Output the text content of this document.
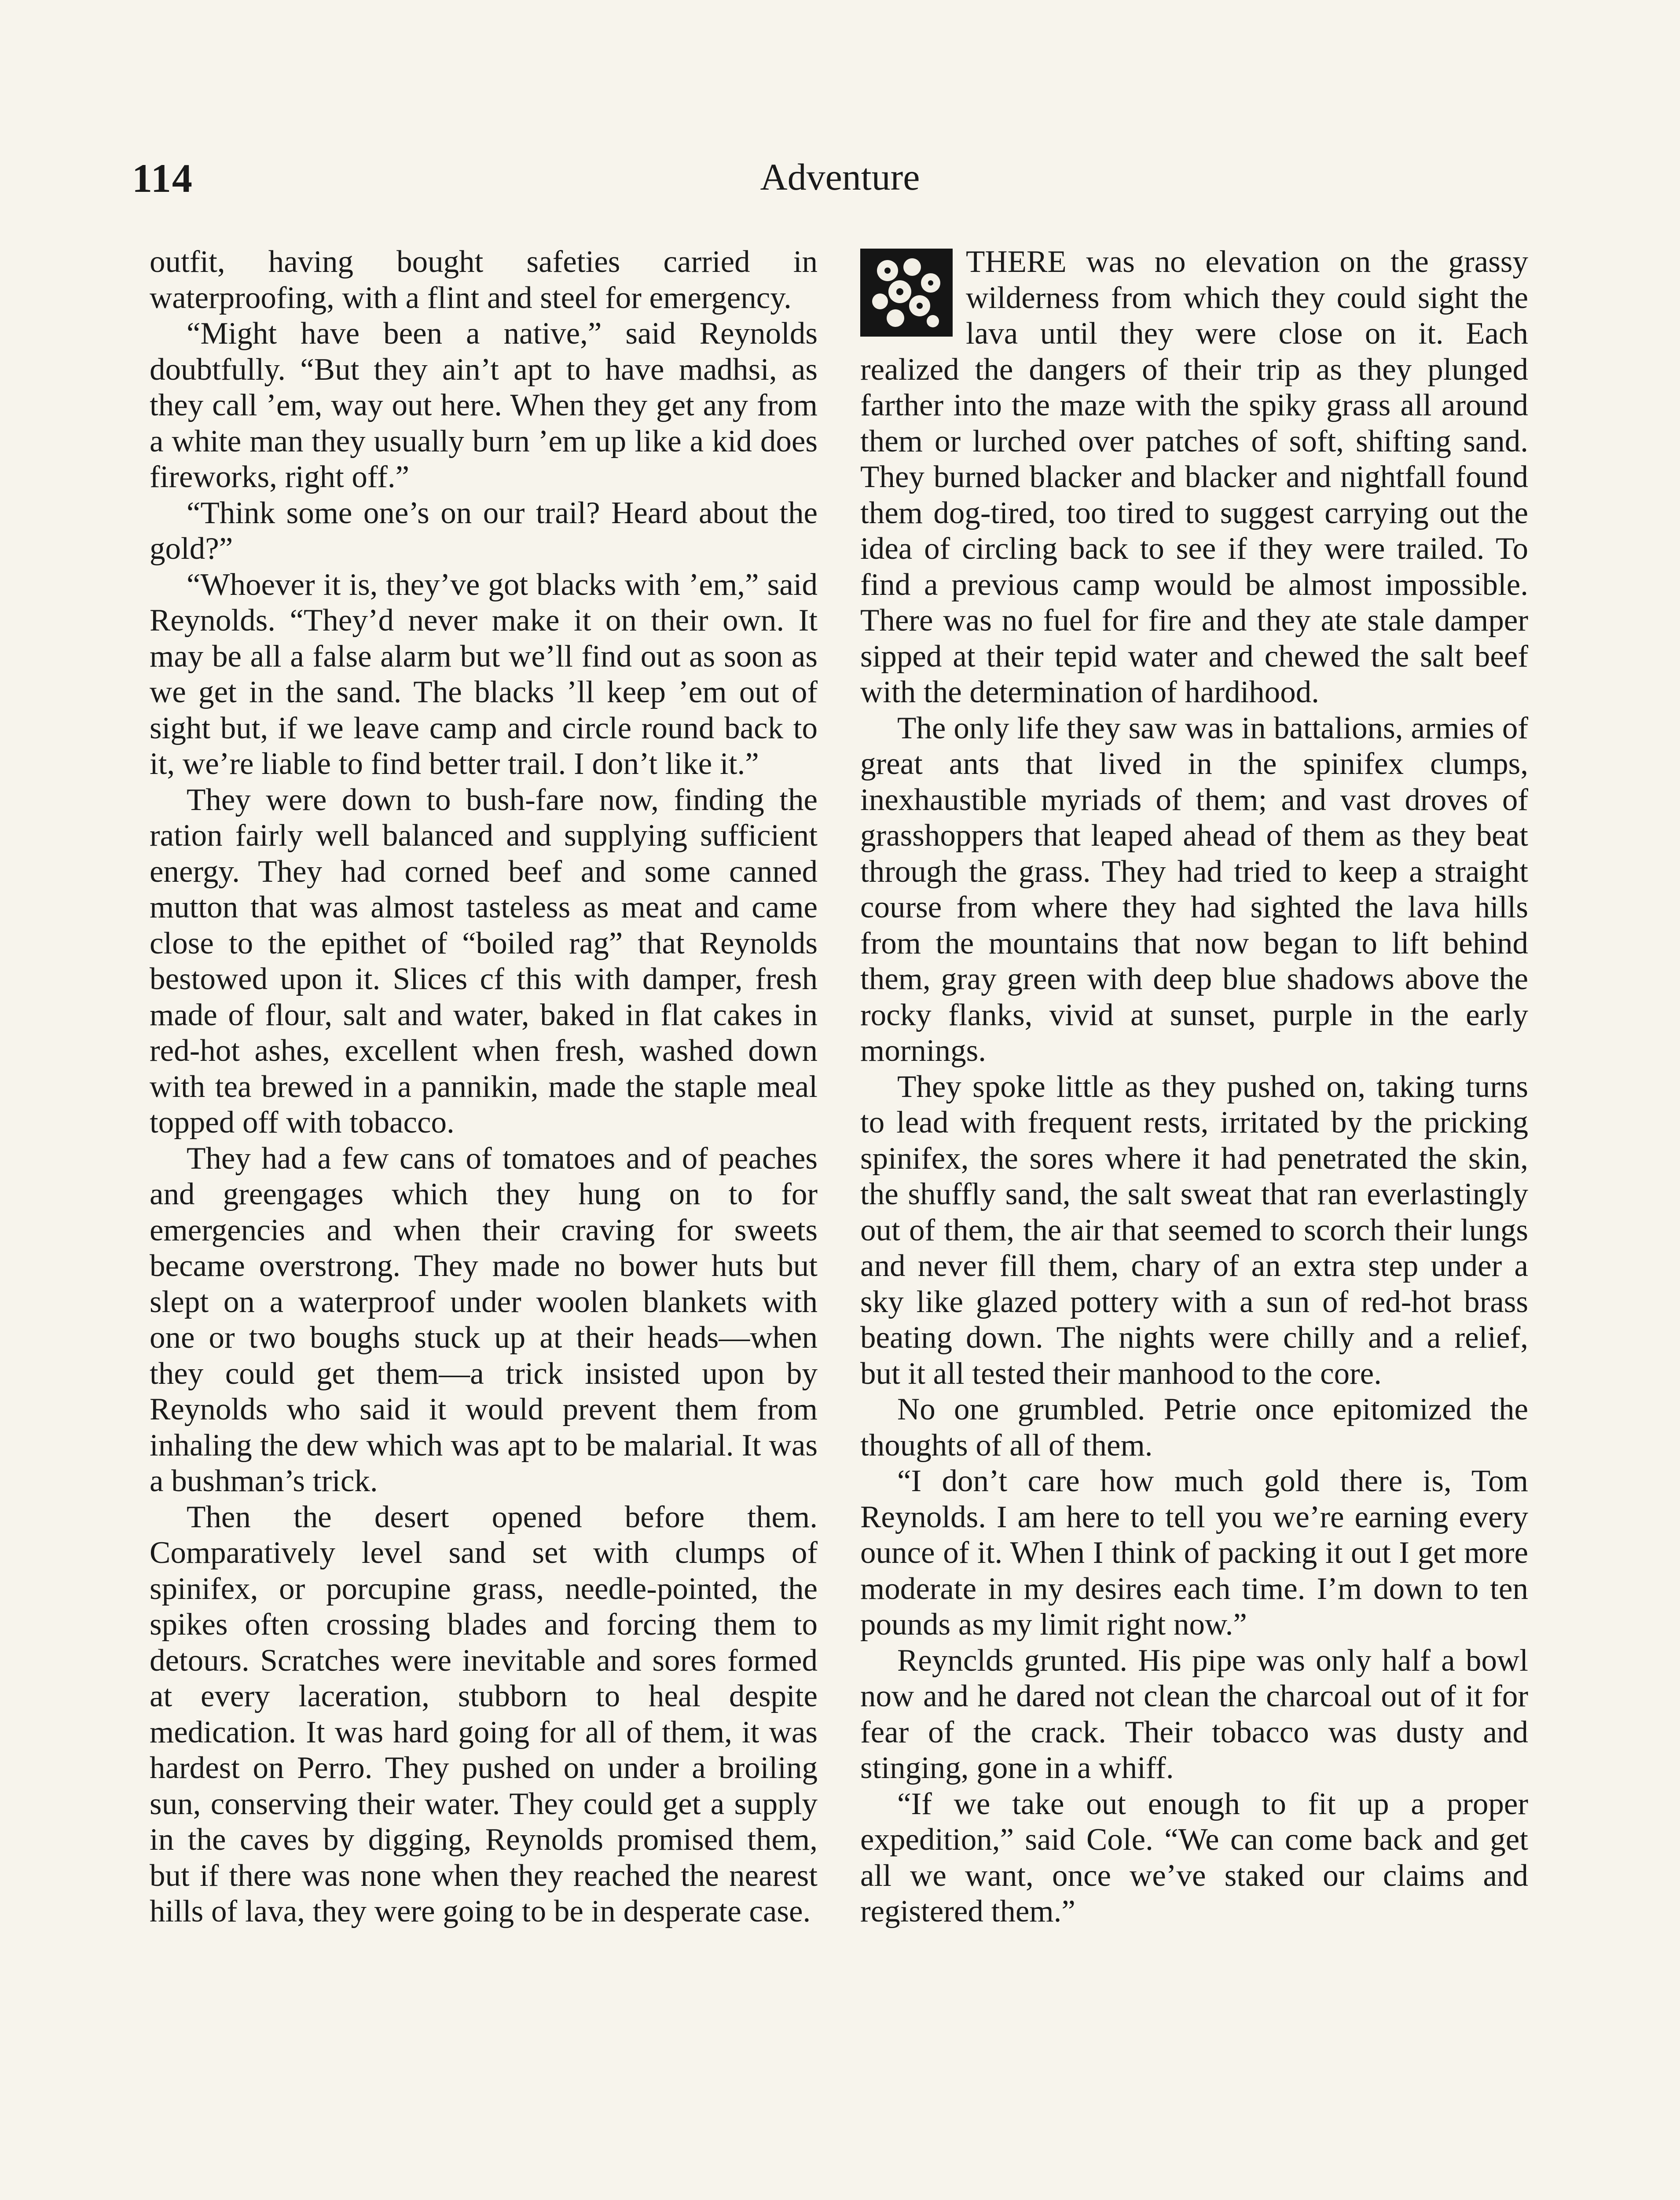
114	Adventure

outfit, having bought safeties carried in waterproofing, with a flint and steel for emergency.

“Might have been a native,” said Reynolds doubtfully. “But they ain’t apt to have madhsi, as they call ’em, way out here. When they get any from a white man they usually burn ’em up like a kid does fireworks, right off.”

“Think some one’s on our trail? Heard about the gold?”

“Whoever it is, they’ve got blacks with ’em,” said Reynolds. “They’d never make it on their own. It may be all a false alarm but we’ll find out as soon as we get in the sand. The blacks ’ll keep ’em out of sight but, if we leave camp and circle round back to it, we’re liable to find better trail. I don’t like it.”

They were down to bush-fare now, finding the ration fairly well balanced and supplying sufficient energy. They had corned beef and some canned mutton that was almost tasteless as meat and came close to the epithet of “boiled rag” that Reynolds bestowed upon it. Slices cf this with damper, fresh made of flour, salt and water, baked in flat cakes in red-hot ashes, excellent when fresh, washed down with tea brewed in a pannikin, made the staple meal topped off with tobacco.

They had a few cans of tomatoes and of peaches and greengages which they hung on to for emergencies and when their craving for sweets became overstrong. They made no bower huts but slept on a waterproof under woolen blankets with one or two boughs stuck up at their heads—when they could get them—a trick insisted upon by Reynolds who said it would prevent them from inhaling the dew which was apt to be malarial. It was a bushman’s trick.

Then the desert opened before them. Comparatively level sand set with clumps of spinifex, or porcupine grass, needle-pointed, the spikes often crossing blades and forcing them to detours. Scratches were inevitable and sores formed at every laceration, stubborn to heal despite medication. It was hard going for all of them, it was hardest on Perro. They pushed on under a broiling sun, conserving their water. They could get a supply in the caves by digging, Reynolds promised them, but if there was none when they reached the nearest hills of lava, they were going to be in desperate case.

THERE was no elevation on the grassy wilderness from which they could sight the lava until they were close on it. Each realized the dangers of their trip as they plunged farther into the maze with the spiky grass all around them or lurched over patches of soft, shifting sand. They burned blacker and blacker and nightfall found them dog-tired, too tired to suggest carrying out the idea of circling back to see if they were trailed. To find a previous camp would be almost impossible. There was no fuel for fire and they ate stale damper sipped at their tepid water and chewed the salt beef with the determination of hardihood.

The only life they saw was in battalions, armies of great ants that lived in the spinifex clumps, inexhaustible myriads of them; and vast droves of grasshoppers that leaped ahead of them as they beat through the grass. They had tried to keep a straight course from where they had sighted the lava hills from the mountains that now began to lift behind them, gray green with deep blue shadows above the rocky flanks, vivid at sunset, purple in the early mornings.

They spoke little as they pushed on, taking turns to lead with frequent rests, irritated by the pricking spinifex, the sores where it had penetrated the skin, the shuffly sand, the salt sweat that ran everlastingly out of them, the air that seemed to scorch their lungs and never fill them, chary of an extra step under a sky like glazed pottery with a sun of red-hot brass beating down. The nights were chilly and a relief, but it all tested their manhood to the core.

No one grumbled. Petrie once epitomized the thoughts of all of them.

“I don’t care how much gold there is, Tom Reynolds. I am here to tell you we’re earning every ounce of it. When I think of packing it out I get more moderate in my desires each time. I’m down to ten pounds as my limit right now.”

Reynclds grunted. His pipe was only half a bowl now and he dared not clean the charcoal out of it for fear of the crack. Their tobacco was dusty and stinging, gone in a whiff.

“If we take out enough to fit up a proper expedition,” said Cole. “We can come back and get all we want, once we’ve staked our claims and registered them.”
